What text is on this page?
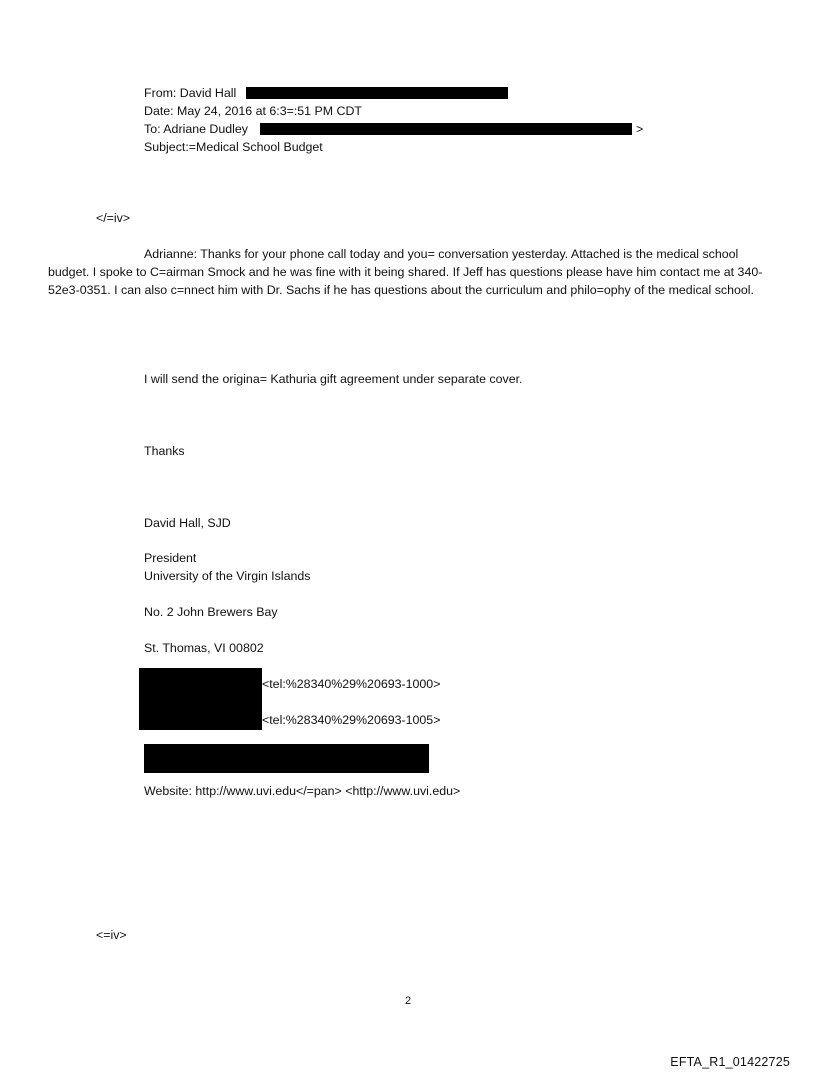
From: David Hall
Date: May 24, 2016 at 6:3=:51 PM CDT
To: Adriane Dudley	>
Subject:=Medical School Budget
</=iv>
Adrianne: Thanks for your phone call today and you= conversation yesterday. Attached is the medical school budget. I spoke to C=airman Smock and he was fine with it being shared. If Jeff has questions please have him contact me at 340-52e3-0351. I can also c=nnect him with Dr. Sachs if he has questions about the curriculum and philo=ophy of the medical school.
I will send the origina= Kathuria gift agreement under separate cover.
Thanks
David Hall, SJD
President
University of the Virgin Islands
No. 2 John Brewers Bay
St. Thomas, VI 00802
<tel:%28340%29%20693-1000>
<tel:%28340%29%20693-1005>
Website: http://www.uvi.edu</=pan> <http://www.uvi.edu>
<=iv>
2
EFTA_R1_01422725
